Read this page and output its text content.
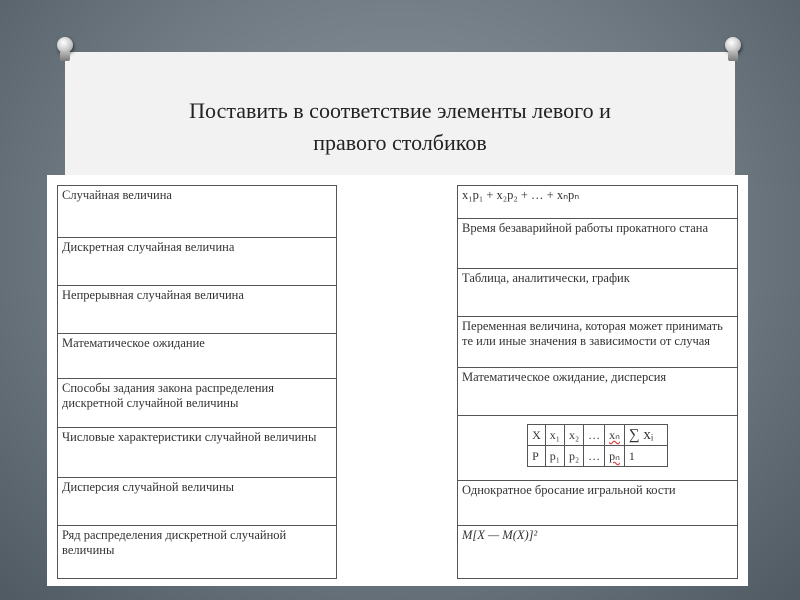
Поставить в соответствие элементы левого и
правого столбиков
Случайная величина
Дискретная случайная величина
Непрерывная случайная величина
Математическое ожидание
Способы задания закона распределения дискретной случайной величины
Числовые характеристики случайной величины
Дисперсия случайной величины
Ряд распределения дискретной случайной величины
x₁p₁ + x₂p₂ + … + xₙpₙ
Время безаварийной работы прокатного стана
Таблица, аналитически, график
Переменная величина, которая может принимать те или иные значения в зависимости от случая
Математическое ожидание, дисперсия

X	x₁	x₂	…	xₙ	∑ xᵢ
P	p₁	p₂	…	pₙ	1

Однократное бросание игральной кости
M[X — M(X)]²
